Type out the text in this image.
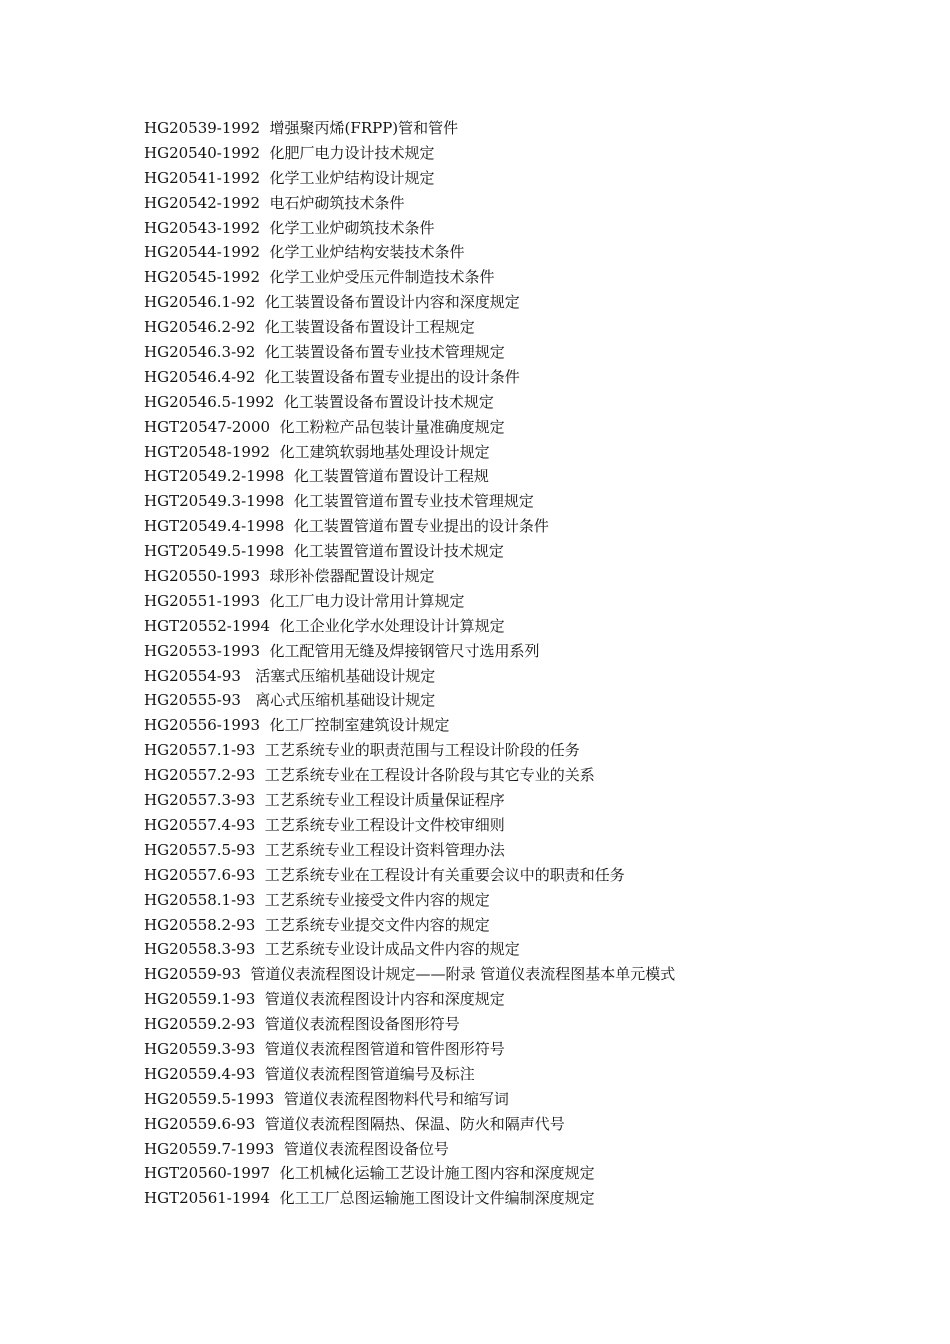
HG20539-1992  增强聚丙烯(FRPP)管和管件
HG20540-1992  化肥厂电力设计技术规定
HG20541-1992  化学工业炉结构设计规定
HG20542-1992  电石炉砌筑技术条件
HG20543-1992  化学工业炉砌筑技术条件
HG20544-1992  化学工业炉结构安装技术条件
HG20545-1992  化学工业炉受压元件制造技术条件
HG20546.1-92  化工装置设备布置设计内容和深度规定
HG20546.2-92  化工装置设备布置设计工程规定
HG20546.3-92  化工装置设备布置专业技术管理规定
HG20546.4-92  化工装置设备布置专业提出的设计条件
HG20546.5-1992  化工装置设备布置设计技术规定
HGT20547-2000  化工粉粒产品包装计量准确度规定
HGT20548-1992  化工建筑软弱地基处理设计规定
HGT20549.2-1998  化工装置管道布置设计工程规
HGT20549.3-1998  化工装置管道布置专业技术管理规定
HGT20549.4-1998  化工装置管道布置专业提出的设计条件
HGT20549.5-1998  化工装置管道布置设计技术规定
HG20550-1993  球形补偿器配置设计规定
HG20551-1993  化工厂电力设计常用计算规定
HGT20552-1994  化工企业化学水处理设计计算规定
HG20553-1993  化工配管用无缝及焊接钢管尺寸选用系列
HG20554-93   活塞式压缩机基础设计规定
HG20555-93   离心式压缩机基础设计规定
HG20556-1993  化工厂控制室建筑设计规定
HG20557.1-93  工艺系统专业的职责范围与工程设计阶段的任务
HG20557.2-93  工艺系统专业在工程设计各阶段与其它专业的关系
HG20557.3-93  工艺系统专业工程设计质量保证程序
HG20557.4-93  工艺系统专业工程设计文件校审细则
HG20557.5-93  工艺系统专业工程设计资料管理办法
HG20557.6-93  工艺系统专业在工程设计有关重要会议中的职责和任务
HG20558.1-93  工艺系统专业接受文件内容的规定
HG20558.2-93  工艺系统专业提交文件内容的规定
HG20558.3-93  工艺系统专业设计成品文件内容的规定
HG20559-93  管道仪表流程图设计规定——附录 管道仪表流程图基本单元模式
HG20559.1-93  管道仪表流程图设计内容和深度规定
HG20559.2-93  管道仪表流程图设备图形符号
HG20559.3-93  管道仪表流程图管道和管件图形符号
HG20559.4-93  管道仪表流程图管道编号及标注
HG20559.5-1993  管道仪表流程图物料代号和缩写词
HG20559.6-93  管道仪表流程图隔热、保温、防火和隔声代号
HG20559.7-1993  管道仪表流程图设备位号
HGT20560-1997  化工机械化运输工艺设计施工图内容和深度规定
HGT20561-1994  化工工厂总图运输施工图设计文件编制深度规定
